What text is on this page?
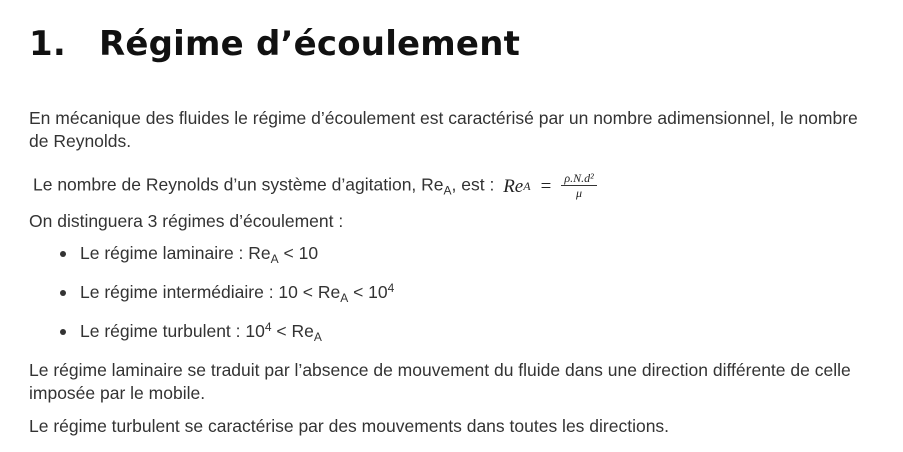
1. Régime d’écoulement

En mécanique des fluides le régime d’écoulement est caractérisé par un nombre adimensionnel, le nombre de Reynolds.

Le nombre de Reynolds d’un système d’agitation, $Re_A$, est : Re $A = \frac{\text{ρ.N.d²}}{\mu}$

On distinguera 3 régimes d’écoulement :

Le régime laminaire : $Re_A < 10$
Le régime intermédiaire : $10 < Re_A < 10^4$
Le régime turbulent : $10^4 < Re_A$

Le régime laminaire se traduit par l’absence de mouvement du fluide dans une direction différente de celle imposée par le mobile.

Le régime turbulent se caractérise par des mouvements dans toutes les directions.
